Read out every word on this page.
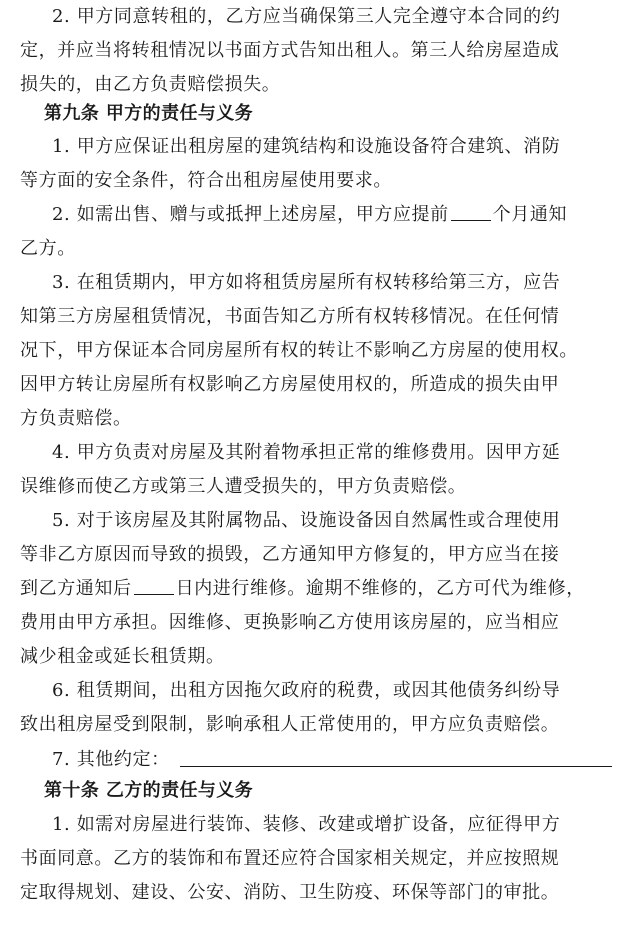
2. 甲方同意转租的，乙方应当确保第三人完全遵守本合同的约
定，并应当将转租情况以书面方式告知出租人。第三人给房屋造成
损失的，由乙方负责赔偿损失。
第九条 甲方的责任与义务
1. 甲方应保证出租房屋的建筑结构和设施设备符合建筑、消防
等方面的安全条件，符合出租房屋使用要求。
2. 如需出售、赠与或抵押上述房屋，甲方应提前 个月通知
乙方。
3. 在租赁期内，甲方如将租赁房屋所有权转移给第三方，应告
知第三方房屋租赁情况，书面告知乙方所有权转移情况。在任何情
况下，甲方保证本合同房屋所有权的转让不影响乙方房屋的使用权。
因甲方转让房屋所有权影响乙方房屋使用权的，所造成的损失由甲
方负责赔偿。
4. 甲方负责对房屋及其附着物承担正常的维修费用。因甲方延
误维修而使乙方或第三人遭受损失的，甲方负责赔偿。
5. 对于该房屋及其附属物品、设施设备因自然属性或合理使用
等非乙方原因而导致的损毁，乙方通知甲方修复的，甲方应当在接
到乙方通知后 日内进行维修。逾期不维修的，乙方可代为维修，
费用由甲方承担。因维修、更换影响乙方使用该房屋的，应当相应
减少租金或延长租赁期。
6. 租赁期间，出租方因拖欠政府的税费，或因其他债务纠纷导
致出租房屋受到限制，影响承租人正常使用的，甲方应负责赔偿。
7. 其他约定：
第十条 乙方的责任与义务
1. 如需对房屋进行装饰、装修、改建或增扩设备，应征得甲方
书面同意。乙方的装饰和布置还应符合国家相关规定，并应按照规
定取得规划、建设、公安、消防、卫生防疫、环保等部门的审批。
